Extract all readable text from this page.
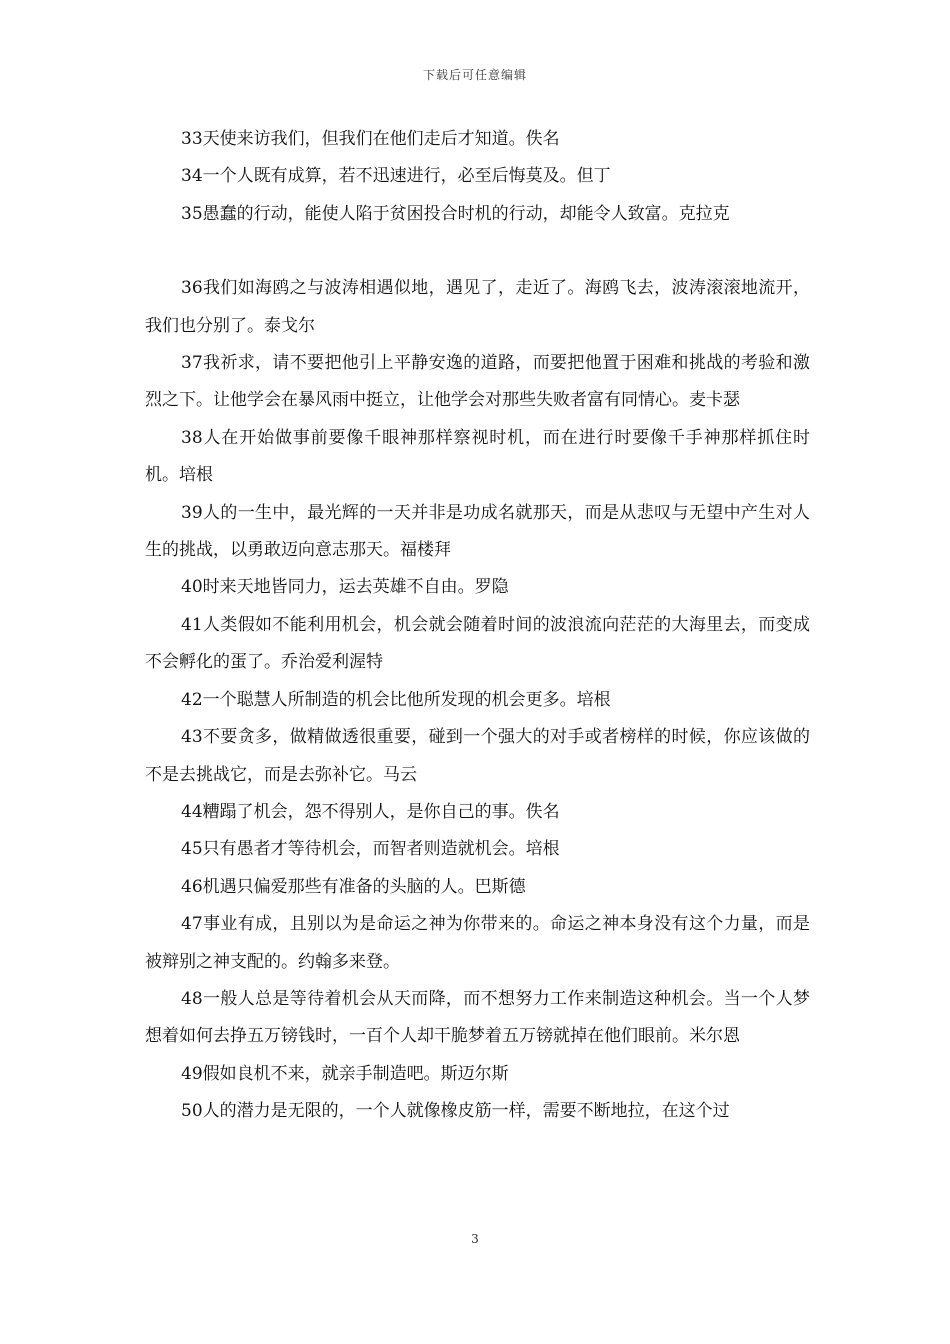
下载后可任意编辑

33天使来访我们，但我们在他们走后才知道。佚名

34一个人既有成算，若不迅速进行，必至后悔莫及。但丁

35愚蠢的行动，能使人陷于贫困投合时机的行动，却能令人致富。克拉克

36我们如海鸥之与波涛相遇似地，遇见了，走近了。海鸥飞去，波涛滚滚地流开，我们也分别了。泰戈尔

37我祈求，请不要把他引上平静安逸的道路，而要把他置于困难和挑战的考验和激烈之下。让他学会在暴风雨中挺立，让他学会对那些失败者富有同情心。麦卡瑟

38人在开始做事前要像千眼神那样察视时机，而在进行时要像千手神那样抓住时机。培根

39人的一生中，最光辉的一天并非是功成名就那天，而是从悲叹与无望中产生对人生的挑战，以勇敢迈向意志那天。福楼拜

40时来天地皆同力，运去英雄不自由。罗隐

41人类假如不能利用机会，机会就会随着时间的波浪流向茫茫的大海里去，而变成不会孵化的蛋了。乔治爱利渥特

42一个聪慧人所制造的机会比他所发现的机会更多。培根

43不要贪多，做精做透很重要，碰到一个强大的对手或者榜样的时候，你应该做的不是去挑战它，而是去弥补它。马云

44糟蹋了机会，怨不得别人，是你自己的事。佚名

45只有愚者才等待机会，而智者则造就机会。培根

46机遇只偏爱那些有准备的头脑的人。巴斯德

47事业有成，且别以为是命运之神为你带来的。命运之神本身没有这个力量，而是被辩别之神支配的。约翰多来登。

48一般人总是等待着机会从天而降，而不想努力工作来制造这种机会。当一个人梦想着如何去挣五万镑钱时，一百个人却干脆梦着五万镑就掉在他们眼前。米尔恩

49假如良机不来，就亲手制造吧。斯迈尔斯

50人的潜力是无限的，一个人就像橡皮筋一样，需要不断地拉，在这个过

3
